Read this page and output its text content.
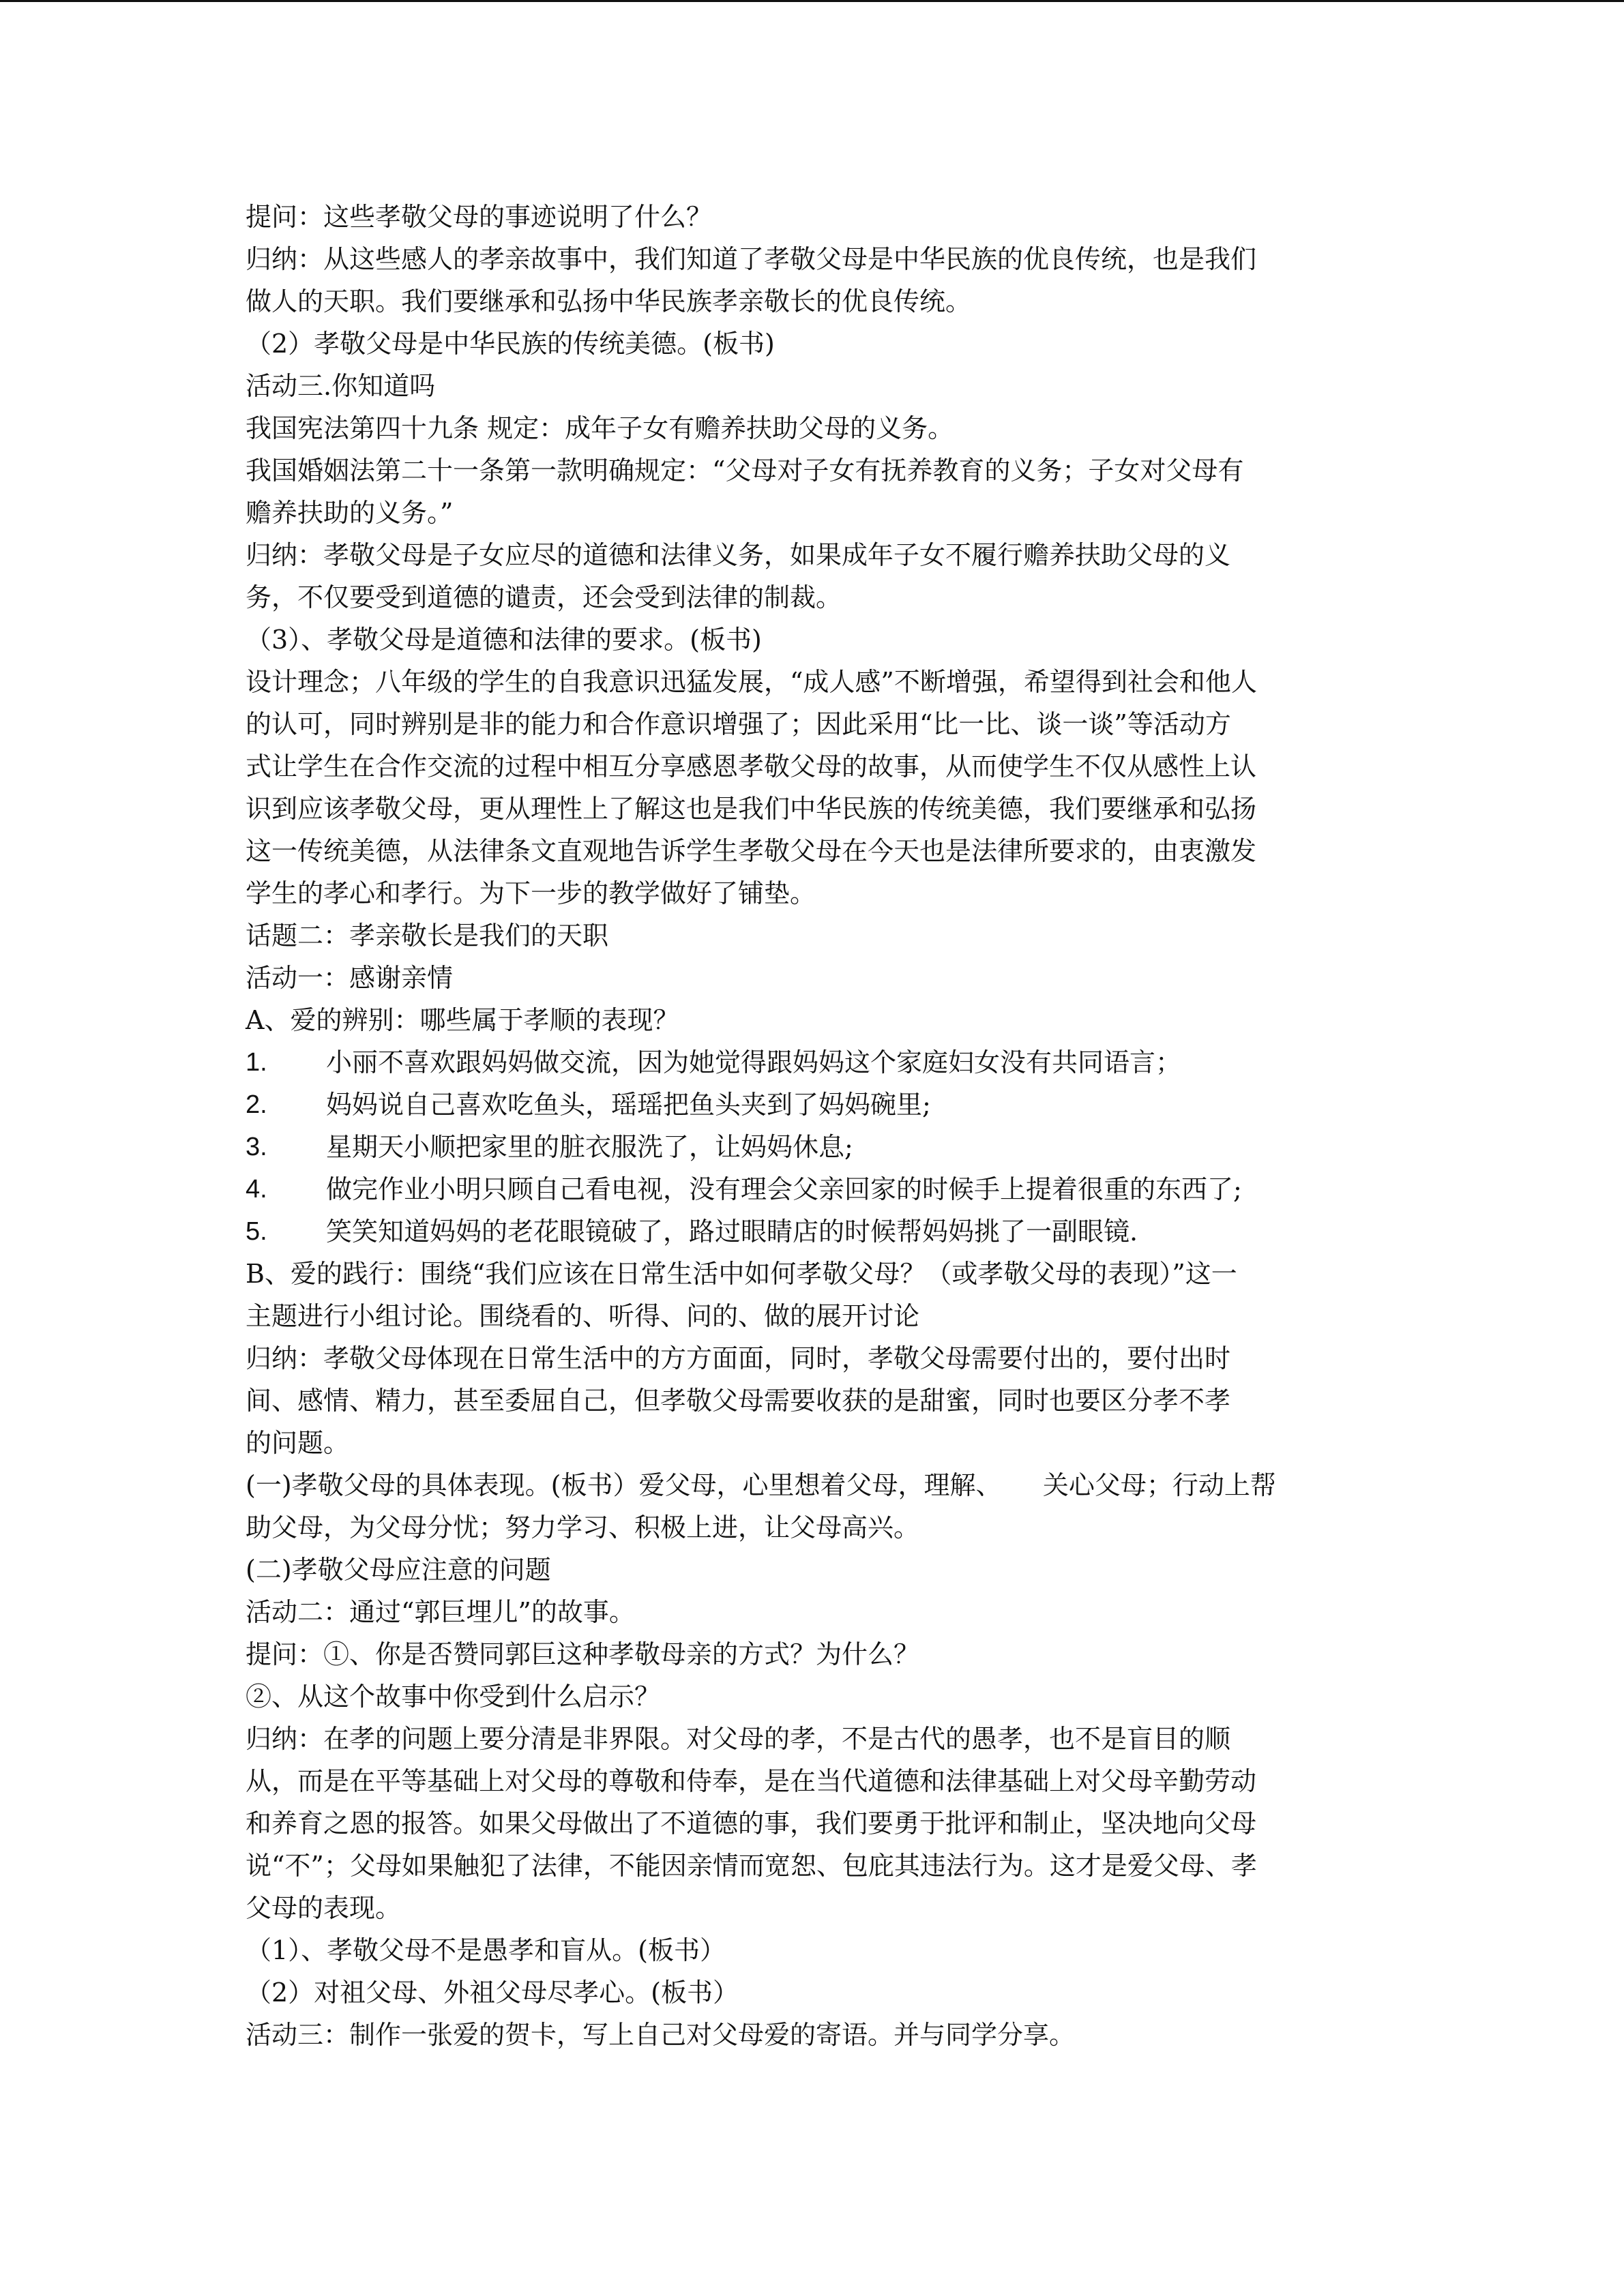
提问：这些孝敬父母的事迹说明了什么？

归纳：从这些感人的孝亲故事中，我们知道了孝敬父母是中华民族的优良传统，也是我们

做人的天职。我们要继承和弘扬中华民族孝亲敬长的优良传统。

（2）孝敬父母是中华民族的传统美德。(板书)

活动三.你知道吗

我国宪法第四十九条 规定：成年子女有赡养扶助父母的义务。

我国婚姻法第二十一条第一款明确规定：“父母对子女有抚养教育的义务；子女对父母有

赡养扶助的义务。”

归纳：孝敬父母是子女应尽的道德和法律义务，如果成年子女不履行赡养扶助父母的义

务，不仅要受到道德的谴责，还会受到法律的制裁。

（3）、孝敬父母是道德和法律的要求。(板书)

设计理念；八年级的学生的自我意识迅猛发展，“成人感”不断增强，希望得到社会和他人

的认可，同时辨别是非的能力和合作意识增强了；因此采用“比一比、谈一谈”等活动方

式让学生在合作交流的过程中相互分享感恩孝敬父母的故事，从而使学生不仅从感性上认

识到应该孝敬父母，更从理性上了解这也是我们中华民族的传统美德，我们要继承和弘扬

这一传统美德，从法律条文直观地告诉学生孝敬父母在今天也是法律所要求的，由衷激发

学生的孝心和孝行。为下一步的教学做好了铺垫。

话题二：孝亲敬长是我们的天职

活动一：感谢亲情

A、爱的辨别：哪些属于孝顺的表现？

1.	小丽不喜欢跟妈妈做交流，因为她觉得跟妈妈这个家庭妇女没有共同语言；
2.	妈妈说自己喜欢吃鱼头，瑶瑶把鱼头夹到了妈妈碗里;
3.	星期天小顺把家里的脏衣服洗了，让妈妈休息;
4.	做完作业小明只顾自己看电视，没有理会父亲回家的时候手上提着很重的东西了;
5.	笑笑知道妈妈的老花眼镜破了，路过眼睛店的时候帮妈妈挑了一副眼镜.

B、爱的践行：围绕“我们应该在日常生活中如何孝敬父母？（或孝敬父母的表现）”这一

主题进行小组讨论。围绕看的、听得、问的、做的展开讨论

归纳：孝敬父母体现在日常生活中的方方面面，同时，孝敬父母需要付出的，要付出时

间、感情、精力，甚至委屈自己，但孝敬父母需要收获的是甜蜜，同时也要区分孝不孝

的问题。

(一)孝敬父母的具体表现。(板书）爱父母，心里想着父母，理解、     关心父母；行动上帮

助父母，为父母分忧；努力学习、积极上进，让父母高兴。

(二)孝敬父母应注意的问题

活动二：通过“郭巨埋儿”的故事。

提问：①、你是否赞同郭巨这种孝敬母亲的方式？为什么？

②、从这个故事中你受到什么启示？

归纳：在孝的问题上要分清是非界限。对父母的孝，不是古代的愚孝，也不是盲目的顺

从，而是在平等基础上对父母的尊敬和侍奉，是在当代道德和法律基础上对父母辛勤劳动

和养育之恩的报答。如果父母做出了不道德的事，我们要勇于批评和制止，坚决地向父母

说“不”；父母如果触犯了法律，不能因亲情而宽恕、包庇其违法行为。这才是爱父母、孝

父母的表现。

（1）、孝敬父母不是愚孝和盲从。(板书）

（2）对祖父母、外祖父母尽孝心。(板书）

活动三：制作一张爱的贺卡，写上自己对父母爱的寄语。并与同学分享。
